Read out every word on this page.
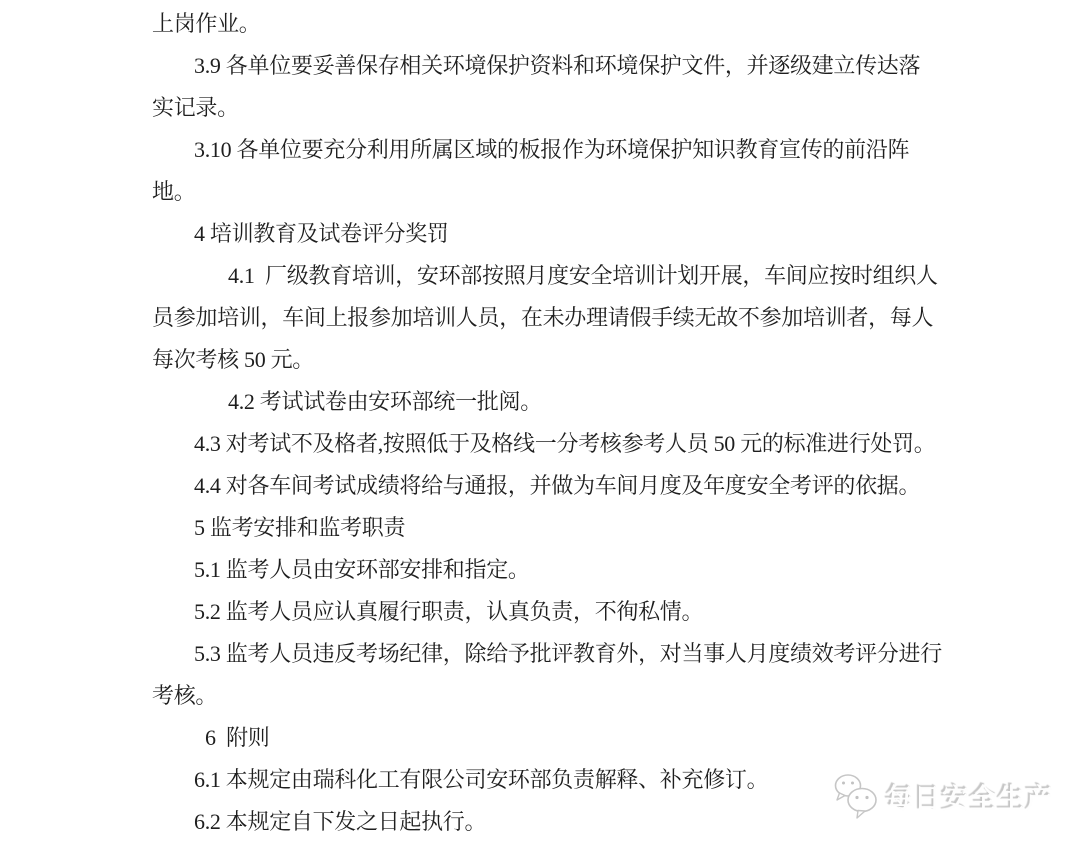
上岗作业。
3.9 各单位要妥善保存相关环境保护资料和环境保护文件，并逐级建立传达落
实记录。
3.10 各单位要充分利用所属区域的板报作为环境保护知识教育宣传的前沿阵
地。
4 培训教育及试卷评分奖罚
4.1  厂级教育培训，安环部按照月度安全培训计划开展，车间应按时组织人
员参加培训，车间上报参加培训人员，在未办理请假手续无故不参加培训者，每人
每次考核 50 元。
4.2 考试试卷由安环部统一批阅。
4.3 对考试不及格者,按照低于及格线一分考核参考人员 50 元的标准进行处罚。
4.4 对各车间考试成绩将给与通报，并做为车间月度及年度安全考评的依据。
5 监考安排和监考职责
5.1 监考人员由安环部安排和指定。
5.2 监考人员应认真履行职责，认真负责，不徇私情。
5.3 监考人员违反考场纪律，除给予批评教育外，对当事人月度绩效考评分进行
考核。
6  附则
6.1 本规定由瑞科化工有限公司安环部负责解释、补充修订。
6.2 本规定自下发之日起执行。
每日安全生产
